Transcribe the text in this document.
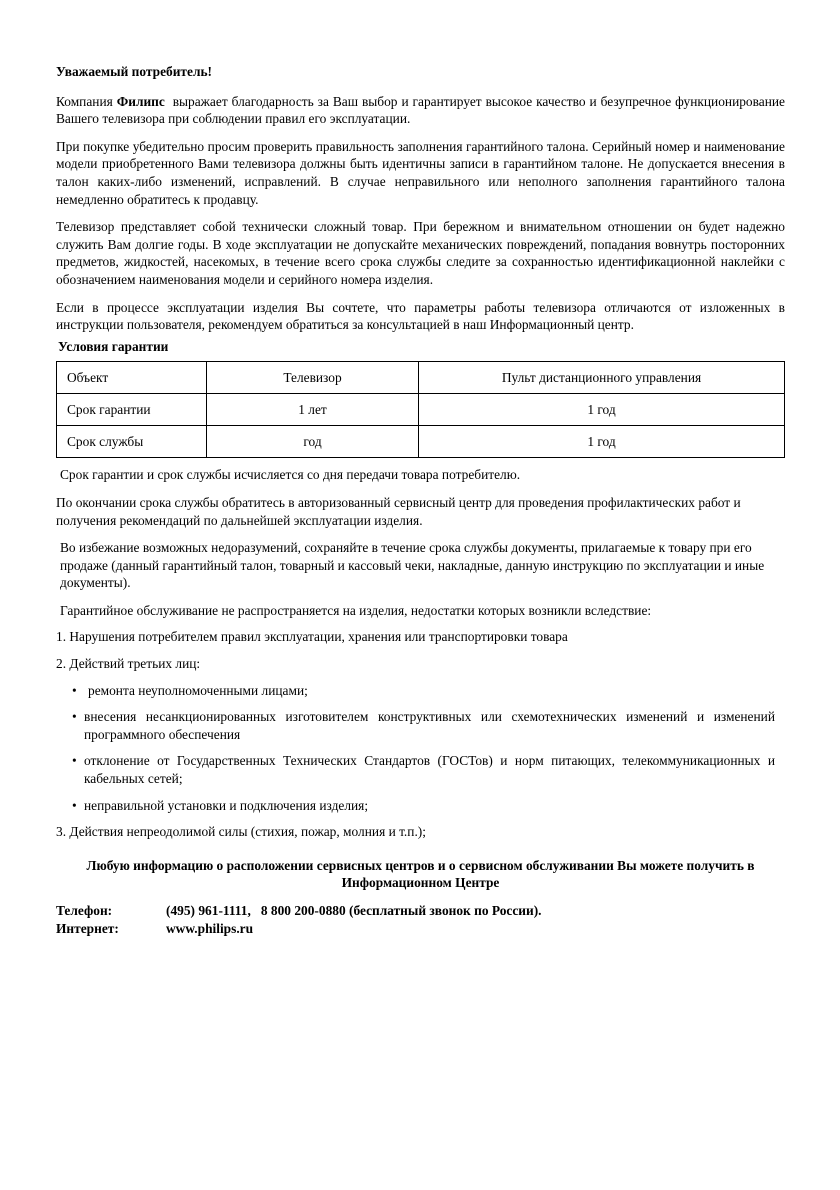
Уважаемый потребитель!

Компания Филипс  выражает благодарность за Ваш выбор и гарантирует высокое качество и безупречное функционирование Вашего телевизора при соблюдении правил его эксплуатации.

При покупке убедительно просим проверить правильность заполнения гарантийного талона. Серийный номер и наименование модели приобретенного Вами телевизора должны быть идентичны записи в гарантийном талоне. Не допускается внесения в талон каких-либо изменений, исправлений. В случае неправильного или неполного заполнения гарантийного талона немедленно обратитесь к продавцу.

Телевизор представляет собой технически сложный товар. При бережном и внимательном отношении он будет надежно служить Вам долгие годы. В ходе эксплуатации не допускайте механических повреждений, попадания вовнутрь посторонних предметов, жидкостей, насекомых, в течение всего срока службы следите за сохранностью идентификационной наклейки с обозначением наименования модели и серийного номера изделия.

Если в процессе эксплуатации изделия Вы сочтете, что параметры работы телевизора отличаются от изложенных в инструкции пользователя, рекомендуем обратиться за консультацией в наш Информационный центр.

Условия гарантии

Объект	Телевизор	Пульт дистанционного управления
Срок гарантии	1 лет	1 год
Срок службы	год	1 год

Срок гарантии и срок службы исчисляется со дня передачи товара потребителю.

По окончании срока службы обратитесь в авторизованный сервисный центр для проведения профилактических работ и получения рекомендаций по дальнейшей эксплуатации изделия.

Во избежание возможных недоразумений, сохраняйте в течение срока службы документы, прилагаемые к товару при его продаже (данный гарантийный талон, товарный и кассовый чеки, накладные, данную инструкцию по эксплуатации и иные документы).

Гарантийное обслуживание не распространяется на изделия, недостатки которых возникли вследствие:

1. Нарушения потребителем правил эксплуатации, хранения или транспортировки товара

2. Действий третьих лиц:

• ремонта неуполномоченными лицами;
• внесения несанкционированных изготовителем конструктивных или схемотехнических изменений и изменений программного обеспечения
• отклонение от Государственных Технических Стандартов (ГОСТов) и норм питающих, телекоммуникационных и кабельных сетей;
• неправильной установки и подключения изделия;

3. Действия непреодолимой силы (стихия, пожар, молния и т.п.);

Любую информацию о расположении сервисных центров и о сервисном обслуживании Вы можете получить в Информационном Центре

Телефон:	(495) 961-1111,   8 800 200-0880 (бесплатный звонок по России).
Интернет:	www.philips.ru
